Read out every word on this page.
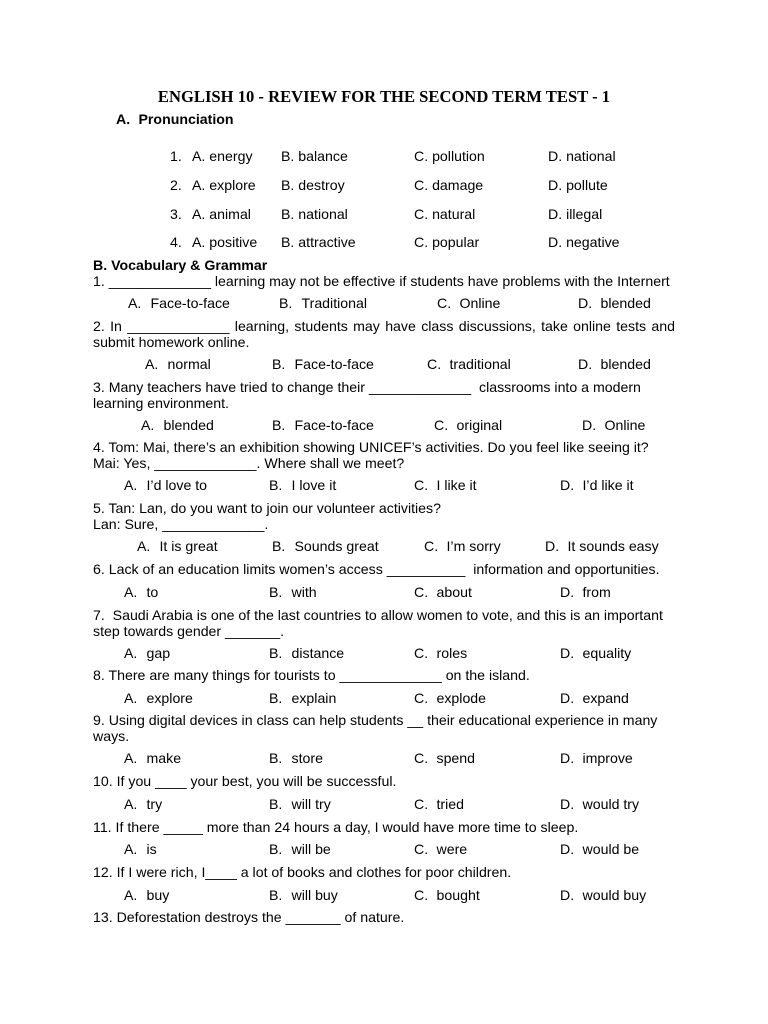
ENGLISH 10 - REVIEW FOR THE SECOND TERM TEST - 1
A. Pronunciation
1. A. energy B. balance	C. pollution	D. national
2. A. explore B. destroy	C. damage	D. pollute
3. A. animal B. national	C. natural	D. illegal
4. A. positive B. attractive	C. popular	D. negative
B. Vocabulary & Grammar
1. _____________ learning may not be effective if students have problems with the Internert
A. Face-to-face	B. Traditional	C. Online	D. blended
2. In _____________ learning, students may have class discussions, take online tests and submit homework online.
A. normal	B. Face-to-face	C. traditional	D. blended
3. Many teachers have tried to change their _____________  classrooms into a modern learning environment.
A. blended	B. Face-to-face	C. original	D. Online
4. Tom: Mai, there’s an exhibition showing UNICEF’s activities. Do you feel like seeing it?
Mai: Yes, _____________. Where shall we meet?
A. I’d love to	B. I love it	C. I like it	D. I’d like it
5. Tan: Lan, do you want to join our volunteer activities?
Lan: Sure, _____________.
A. It is great	B. Sounds great	C. I’m sorry	D. It sounds easy
6. Lack of an education limits women’s access __________  information and opportunities.
A. to	B. with	C. about	D. from
7.  Saudi Arabia is one of the last countries to allow women to vote, and this is an important step towards gender _______.
A. gap	B. distance	C. roles	D. equality
8. There are many things for tourists to _____________ on the island.
A. explore	B. explain	C. explode	D. expand
9. Using digital devices in class can help students __ their educational experience in many ways.
A. make	B. store	C. spend	D. improve
10. If you ____ your best, you will be successful.
A. try	B. will try	C. tried	D. would try
11. If there _____ more than 24 hours a day, I would have more time to sleep.
A. is	B. will be	C. were	D. would be
12. If I were rich, I____ a lot of books and clothes for poor children.
A. buy	B. will buy	C. bought	D. would buy
13. Deforestation destroys the _______ of nature.
